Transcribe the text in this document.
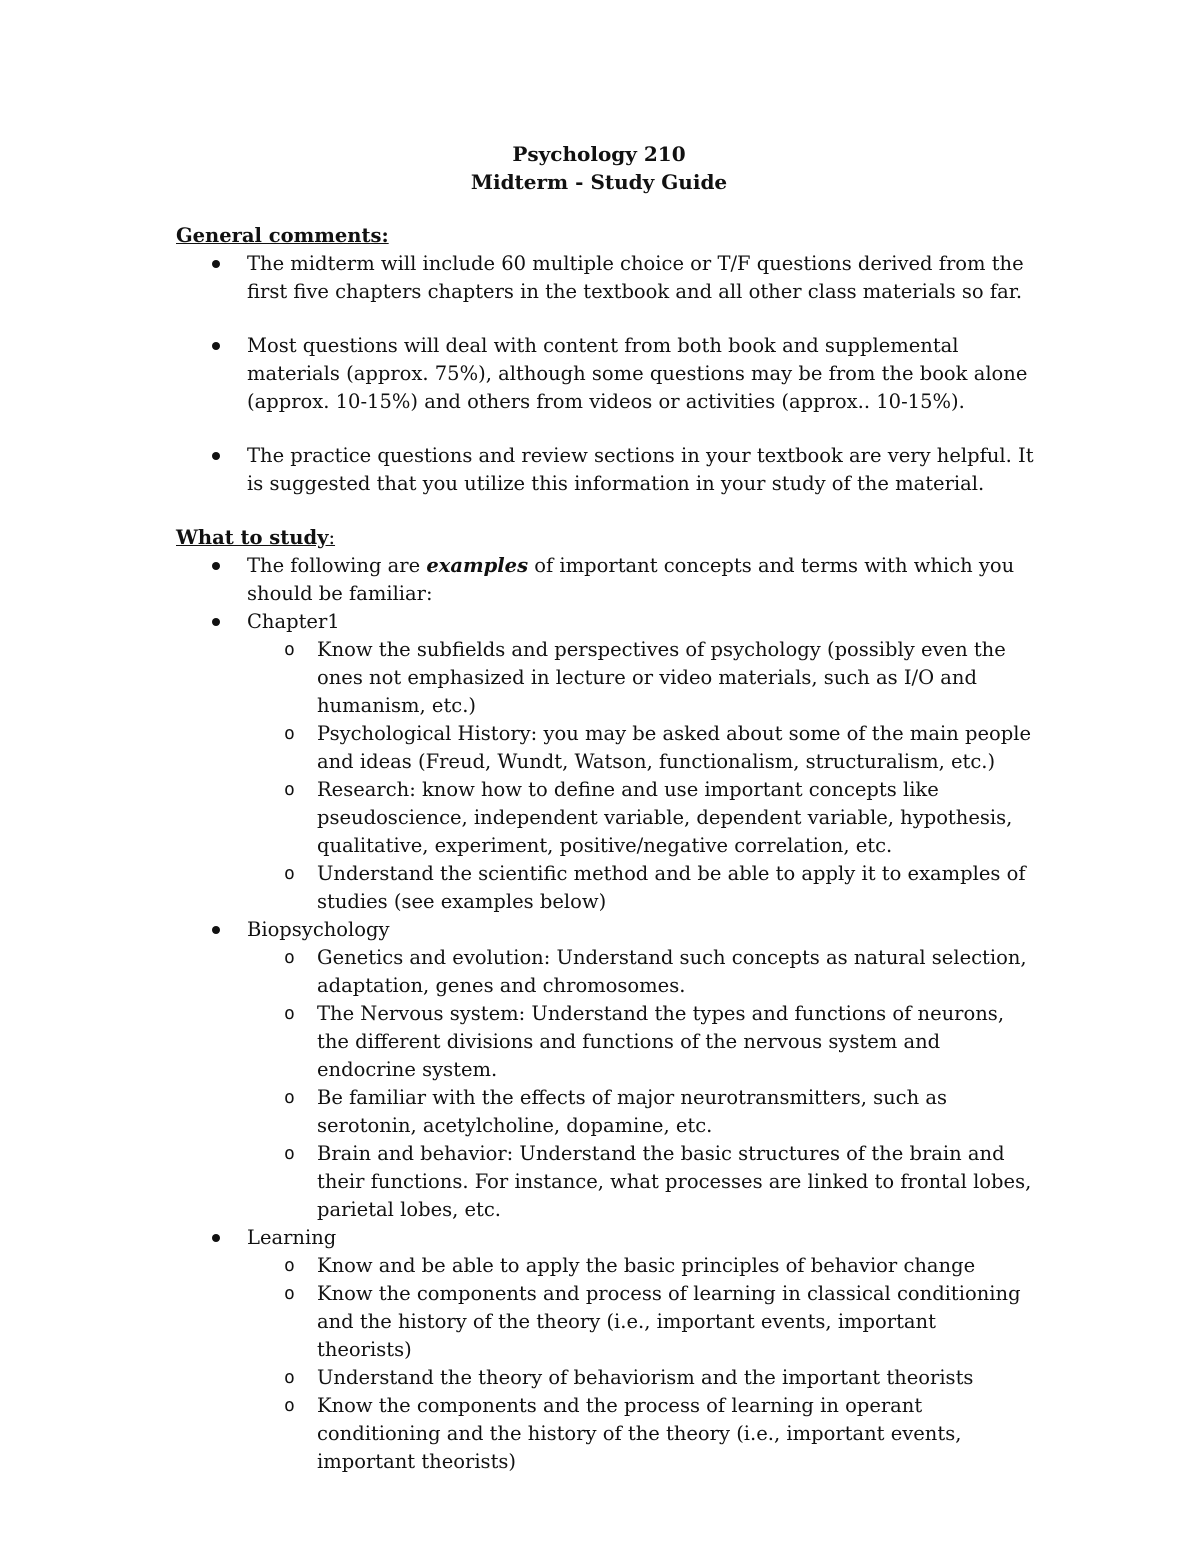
Psychology 210
Midterm - Study Guide
General comments:
The midterm will include 60 multiple choice or T/F questions derived from the first five chapters chapters in the textbook and all other class materials so far.
Most questions will deal with content from both book and supplemental materials (approx. 75%), although some questions may be from the book alone (approx. 10-15%) and others from videos or activities (approx.. 10-15%).
The practice questions and review sections in your textbook are very helpful. It is suggested that you utilize this information in your study of the material.
What to study:
The following are examples of important concepts and terms with which you should be familiar:
Chapter1
o Know the subfields and perspectives of psychology (possibly even the ones not emphasized in lecture or video materials, such as I/O and humanism, etc.)
o Psychological History: you may be asked about some of the main people and ideas (Freud, Wundt, Watson, functionalism, structuralism, etc.)
o Research: know how to define and use important concepts like pseudoscience, independent variable, dependent variable, hypothesis, qualitative, experiment, positive/negative correlation, etc.
o Understand the scientific method and be able to apply it to examples of studies (see examples below)
Biopsychology
o Genetics and evolution: Understand such concepts as natural selection, adaptation, genes and chromosomes.
o The Nervous system: Understand the types and functions of neurons, the different divisions and functions of the nervous system and endocrine system.
o Be familiar with the effects of major neurotransmitters, such as serotonin, acetylcholine, dopamine, etc.
o Brain and behavior: Understand the basic structures of the brain and their functions. For instance, what processes are linked to frontal lobes, parietal lobes, etc.
Learning
o Know and be able to apply the basic principles of behavior change
o Know the components and process of learning in classical conditioning and the history of the theory (i.e., important events, important theorists)
o Understand the theory of behaviorism and the important theorists
o Know the components and the process of learning in operant conditioning and the history of the theory (i.e., important events, important theorists)
